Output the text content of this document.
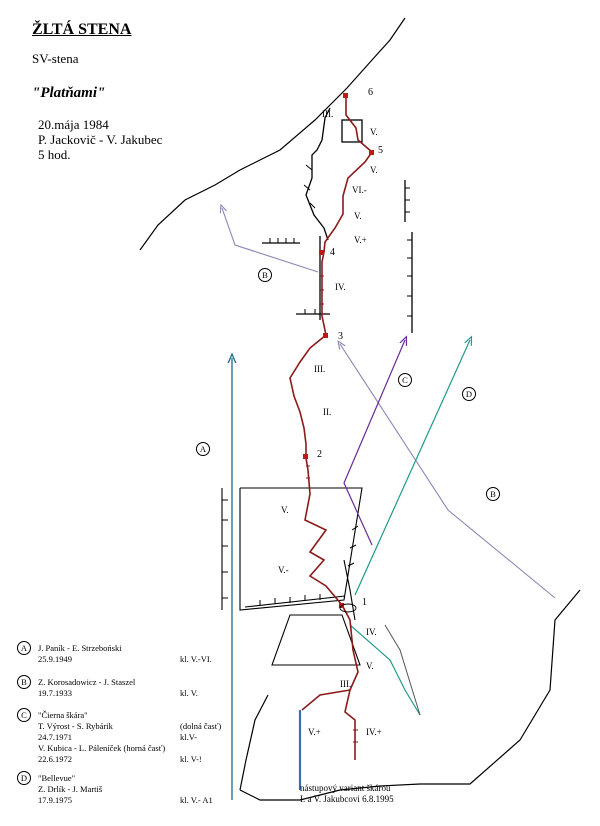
ŽLTÁ STENA
SV-stena
"Platňami"
20.mája 1984
P. Jackovič - V. Jakubec
5 hod.
6
5
4
3
2
1
III.
V.
V.
VI.-
V.
V.+
IV.
III.
II.
V.
V.-
IV.
V.
III.
V.+	IV.+
A
B
C
D
B
A	J. Paník - E. Strzeboński
25.9.1949	kl. V.-VI.
B	Z. Korosadowicz - J. Staszel
19.7.1933	kl. V.
C	"Čierna škára"
T. Výrost - S. Rybárik	(dolná časť)
24.7.1971	kl.V-
V. Kubica - L. Páleníček (horná časť)
22.6.1972	kl. V-!
D	"Bellevue"
Z. Drlík - J. Martiš
17.9.1975	kl. V.- A1
nástupový variant škárou
I. a V. Jakubcovi 6.8.1995
